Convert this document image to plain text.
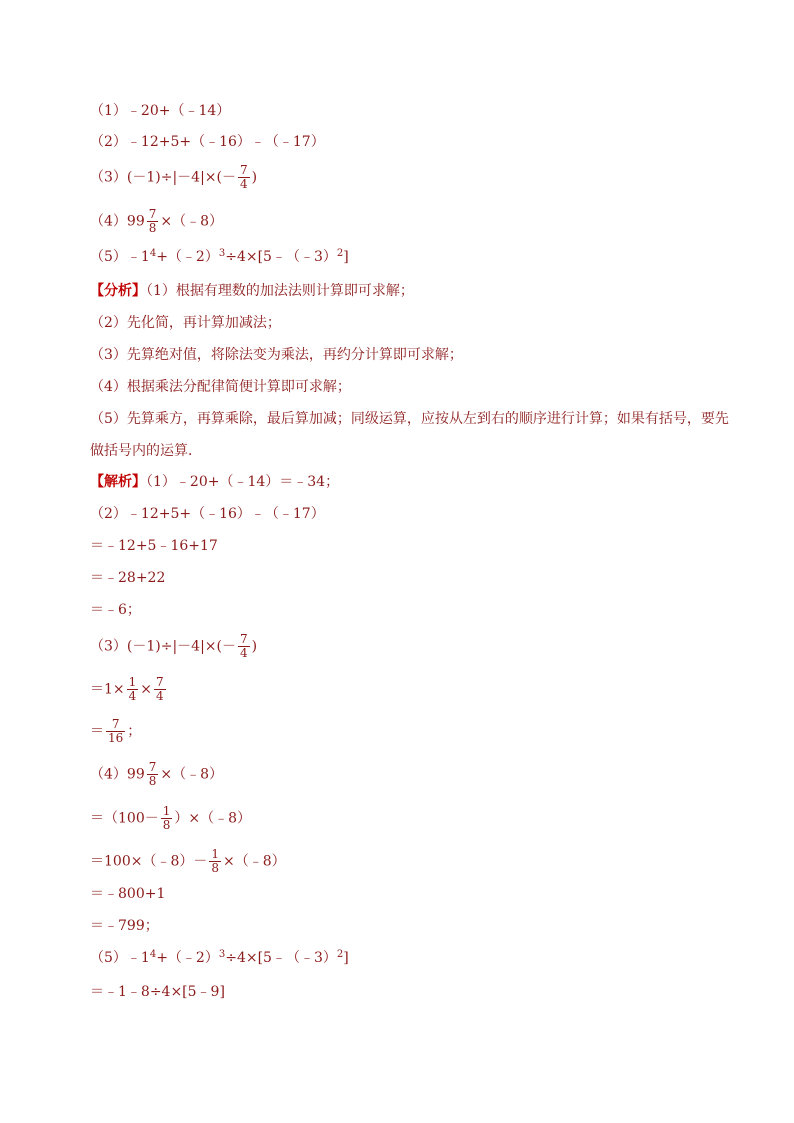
（1）﹣20+（﹣14）
（2）﹣12+5+（﹣16）﹣（﹣17）
$(3)(-1)\div|-4|\times(- \frac{7}{4}$ )
$(4)99 \frac{7}{8}$ ×（﹣8）
$(5)﹣1^4+(﹣2)^3\div 4\times[5﹣(﹣3)^2]$
【分析】（1）根据有理数的加法法则计算即可求解；
（2）先化简，再计算加减法；
（3）先算绝对值，将除法变为乘法，再约分计算即可求解；
（4）根据乘法分配律简便计算即可求解；
（5）先算乘方，再算乘除，最后算加减；同级运算，应按从左到右的顺序进行计算；如果有括号，要先
做括号内的运算．
【解析】（1）﹣20+（﹣14）＝﹣34；
（2）﹣12+5+（﹣16）﹣（﹣17）
＝﹣12+5﹣16+17
＝﹣28+22
＝﹣6；
$(3)(-1)\div|-4|\times(- \frac{7}{4}$ )
$=1\times \frac{1}{4} \times \frac{7}{4}$
＝ $\frac{7}{16}$ ；
$(4)99 \frac{7}{8}$ ×（﹣8）
$=(100- \frac{1}{8}$ ）×（﹣8）
＝100×（﹣8）－ $\frac{1}{8}$ ×（﹣8）
＝﹣800+1
＝﹣799；
$(5)﹣1^4+(﹣2)^3\div 4\times[5﹣(﹣3)^2]$
＝﹣1﹣8÷4×[5﹣9]
